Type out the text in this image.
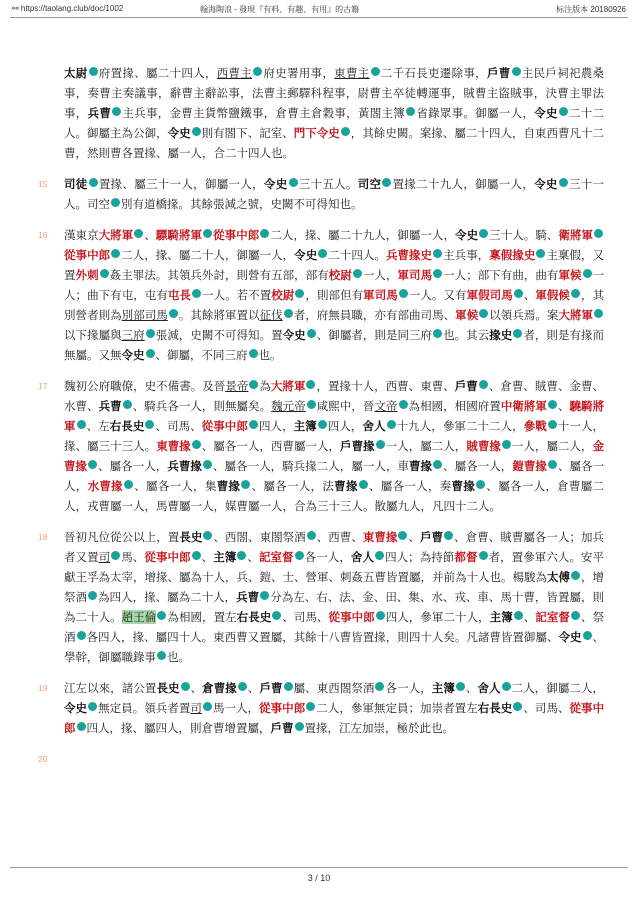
⚯ https://taolang.club/doc/1002	翰海陶浪 - 發現『有料、有趣、有用』的古籍	标注版本 20180926
太尉 府置掾、屬二十四人，西曹主 府史署用事，東曹主 二千石長吏遷除事，戶曹 主民戶祠祀農桑事，奏曹主奏議事，辭曹主辭訟事，法曹主郵驛科程事，尉曹主卒徒轉運事，賊曹主盜賊事，決曹主罪法事，兵曹 主兵事，金曹主貨幣鹽鐵事，倉曹主倉穀事，黃閤主簿 省錄眾事。御屬一人，令史 二十二人。御屬主為公御，令史 則有閤下、記室、門下令史 ，其餘史闕。案掾、屬二十四人，自東西曹凡十二曹，然則曹各置掾、屬一人，合二十四人也。
15 司徒 置掾、屬三十一人，御屬一人，令史 三十五人。司空 置掾二十九人，御屬一人，令史 三十一人。司空 別有道橋掾。其餘張減之號，史闕不可得知也。
16 漢東京大將軍 、驃騎將軍 從事中郎 二人，掾、屬二十九人，御屬一人，令史 三十人。騎、衛將軍從事中郎 二人，掾、屬二十人，御屬一人，令史 二十四人。兵曹掾史 主兵事，稟假掾史 主稟假，又置外刺 姦主罪法。其領兵外討，則營有五部，部有校尉 一人，軍司馬 一人；部下有曲，曲有軍候 一人；曲下有屯，屯有屯長 一人。若不置校尉 ，則部但有軍司馬 一人。又有軍假司馬 、軍假候 ，其別營者則為別部司馬 。其餘將軍置以征伐 者，府無員職，亦有部曲司馬、軍候 以領兵焉。案大將軍以下掾屬與三府 張減，史闕不可得知。置令史 、御屬者，則是同三府 也。其云掾史 者，則是有掾而無屬。又無令史 、御屬，不同三府 也。
17 魏初公府職僚，史不備書。及晉景帝 為大將軍 ，置掾十人，西曹、東曹、戶曹 、倉曹、賊曹、金曹、水曹、兵曹 、騎兵各一人，則無屬矣。魏元帝 咸熙中，晉文帝 為相國，相國府置中衛將軍 、驍騎將軍 、左右長史 、司馬、從事中郎 四人，主簿 四人，舍人 十九人，參軍二十二人，參戰 十一人，掾、屬三十三人。東曹掾 、屬各一人，西曹屬一人，戶曹掾 一人，屬二人，賊曹掾 一人，屬二人，金曹掾 、屬各一人，兵曹掾 、屬各一人，騎兵掾二人，屬一人，車曹掾 、屬各一人，鎧曹掾 、屬各一人，水曹掾 、屬各一人，集曹掾 、屬各一人，法曹掾 、屬各一人，奏曹掾 、屬各一人，倉曹屬二人，戎曹屬一人，馬曹屬一人，媒曹屬一人，合為三十三人。散屬九人，凡四十二人。
18 晉初凡位從公以上，置長史 、西閤、東閤祭酒 、西曹、東曹掾 、戶曹 、倉曹、賊曹屬各一人；加兵者又置司 馬、從事中郎 、主簿 、記室督 各一人，舍人 四人；為持節都督 者，置參軍六人。安平獻王孚為太宰，增掾、屬為十人，兵、鎧、士、營軍、刺姦五曹皆置屬，并前為十人也。楊駿為太傅 ，增祭酒 為四人，掾、屬為二十人，兵曹 分為左、右、法、金、田、集、水、戎、車、馬十曹，皆置屬，則為二十人。趙王倫 為相國，置左右長史 、司馬、從事中郎 四人，參軍二十人，主簿 、記室督 、祭酒 各四人，掾、屬四十人。東西曹又置屬，其餘十八曹皆置掾，則四十人矣。凡諸曹皆置御屬、令史 、學幹，御屬職錄事 也。
19 江左以來，諸公置長史 、倉曹掾 、戶曹 屬、東西閤祭酒 各一人，主簿 、舍人 二人，御屬二人，令史 無定員。領兵者置司 馬一人，從事中郎 二人，參軍無定員；加崇者置左右長史 、司馬、從事中郎 四人，掾、屬四人，則倉曹增置屬，戶曹 置掾，江左加崇，極於此也。
20
3 / 10
